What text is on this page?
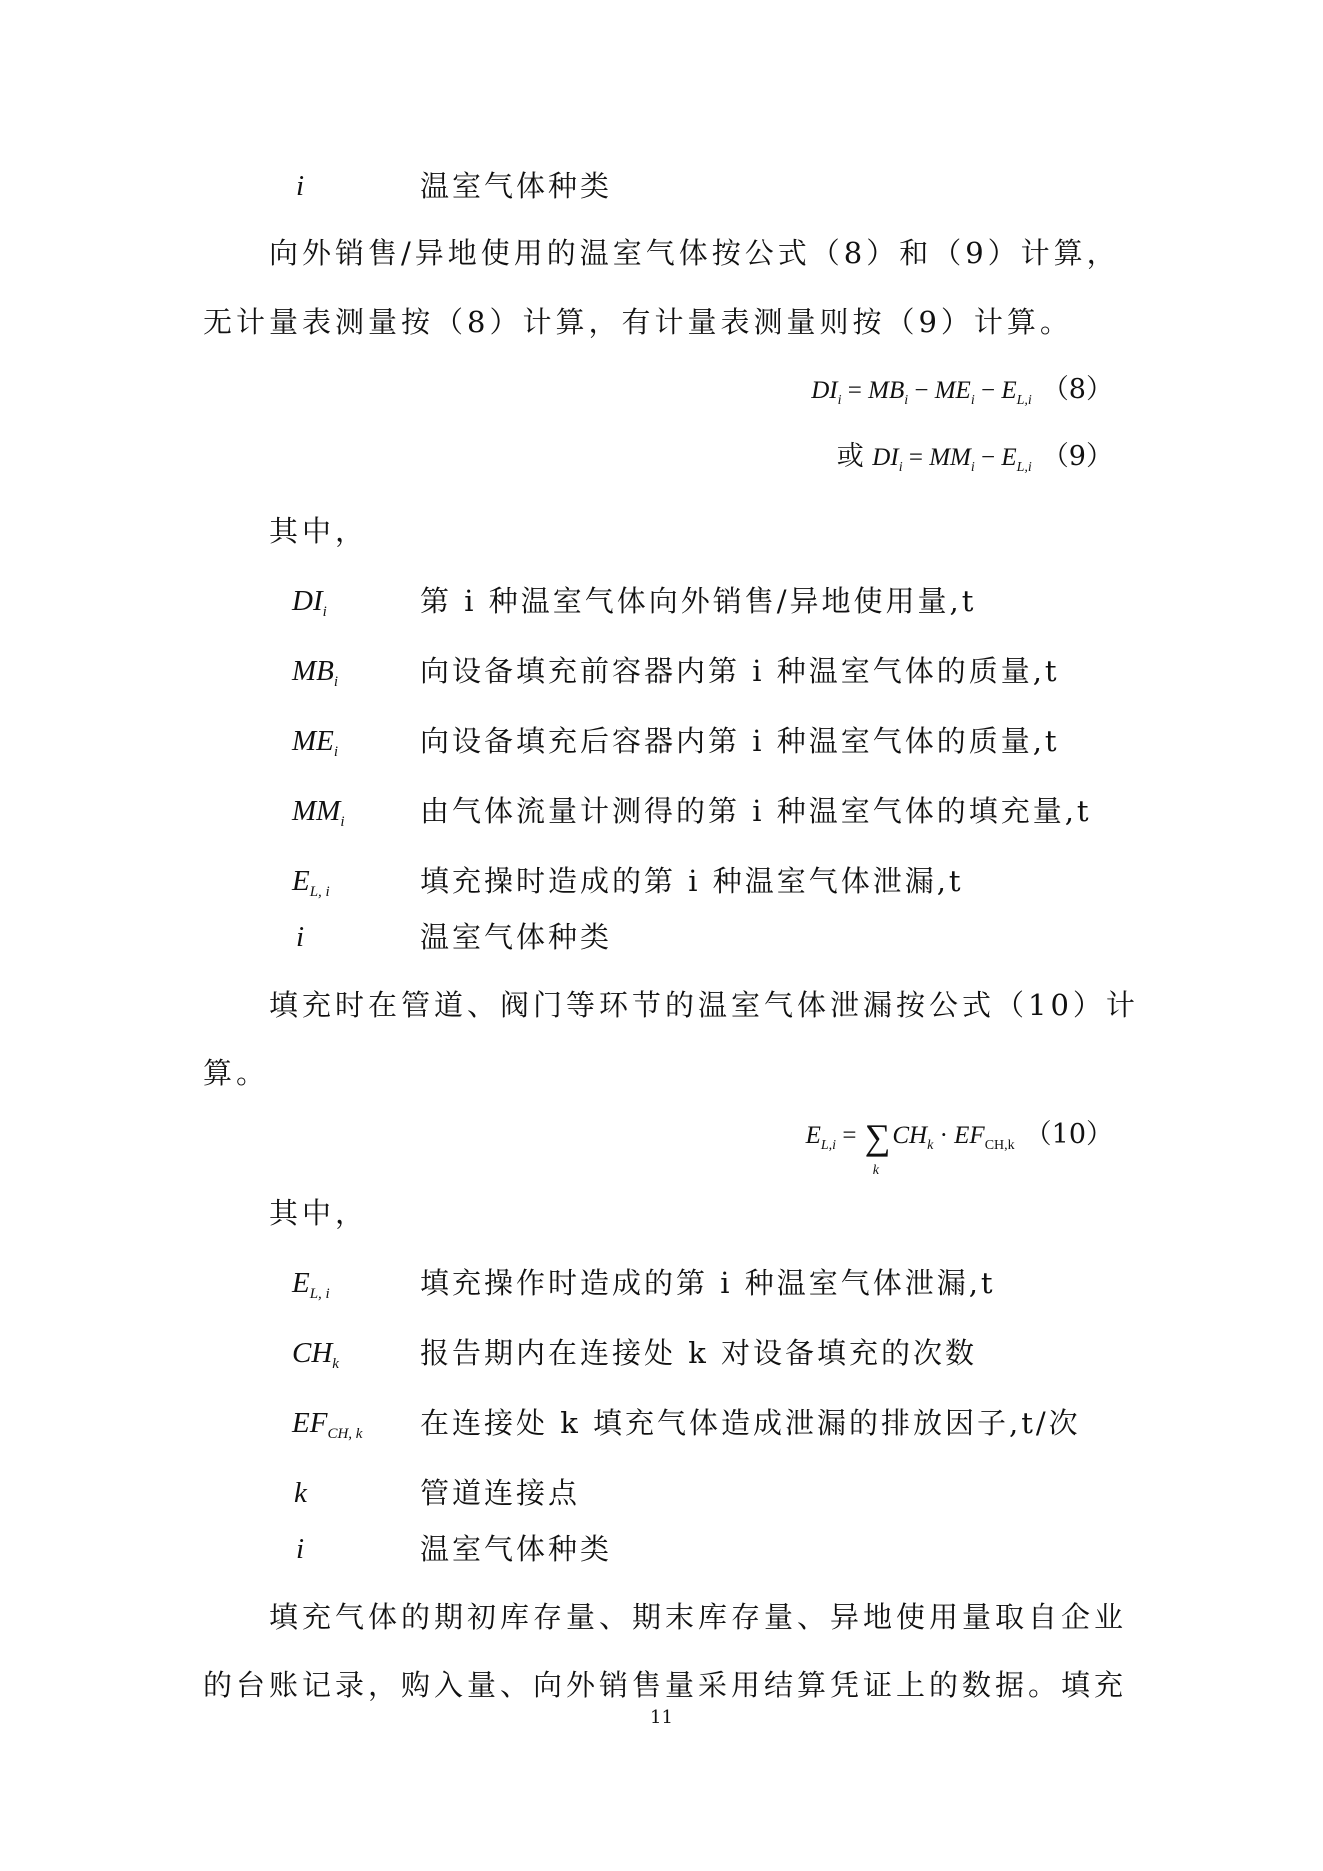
i	温室气体种类
向外销售/异地使用的温室气体按公式（8）和（9）计算，
无计量表测量按（8）计算，有计量表测量则按（9）计算。
$DI_i = MB_i - ME_i - E_{L,i}$ （8）
或 $DI_i = MM_i - E_{L,i}$ （9）
其中，
$DI_i$	第 i 种温室气体向外销售/异地使用量,t
$MB_i$	向设备填充前容器内第 i 种温室气体的质量,t
$ME_i$	向设备填充后容器内第 i 种温室气体的质量,t
$MM_i$	由气体流量计测得的第 i 种温室气体的填充量,t
$E_{L, i}$	填充操时造成的第 i 种温室气体泄漏,t
i	温室气体种类
填充时在管道、阀门等环节的温室气体泄漏按公式（10）计
算。
$E_{L,i}$ = ∑
k
$CH_k \cdot EF_{CH,k}$ （10）
其中，
$E_{L, i}$	填充操作时造成的第 i 种温室气体泄漏,t
$CH_k$	报告期内在连接处 k 对设备填充的次数
$EF_{CH, k}$ 在连接处 k 填充气体造成泄漏的排放因子,t/次
k	管道连接点
i	温室气体种类
填充气体的期初库存量、期末库存量、异地使用量取自企业
的台账记录，购入量、向外销售量采用结算凭证上的数据。填充
11
